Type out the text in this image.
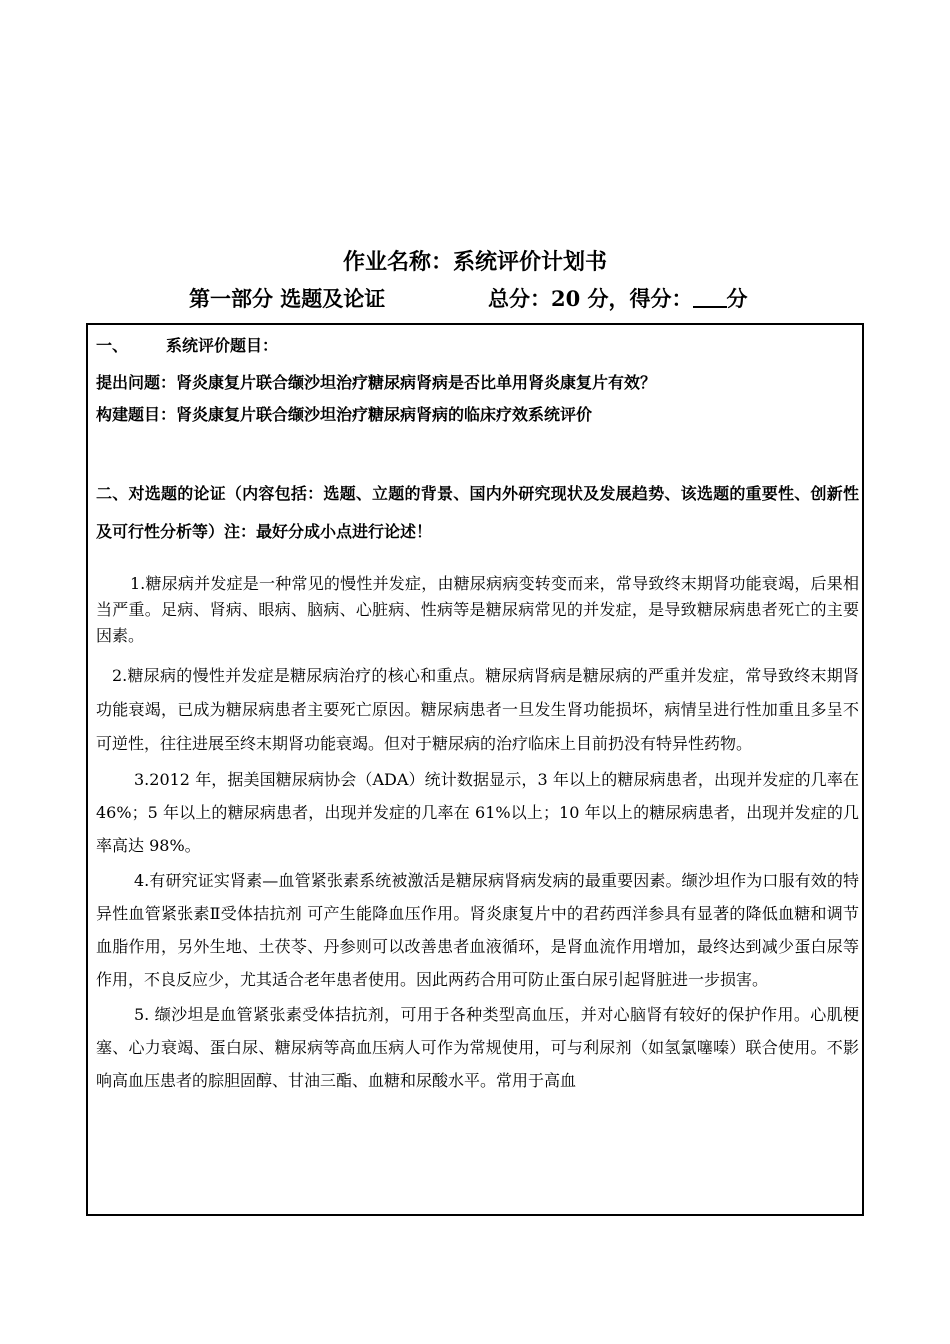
作业名称：系统评价计划书
第一部分 选题及论证	总分：20 分，得分： 分
一、 系统评价题目：
提出问题：肾炎康复片联合缬沙坦治疗糖尿病肾病是否比单用肾炎康复片有效？
构建题目：肾炎康复片联合缬沙坦治疗糖尿病肾病的临床疗效系统评价
二、对选题的论证（内容包括：选题、立题的背景、国内外研究现状及发展趋势、该选题的重要性、创新性及可行性分析等）注：最好分成小点进行论述！
1.糖尿病并发症是一种常见的慢性并发症，由糖尿病病变转变而来，常导致终末期肾功能衰竭，后果相当严重。足病、肾病、眼病、脑病、心脏病、性病等是糖尿病常见的并发症，是导致糖尿病患者死亡的主要因素。
2.糖尿病的慢性并发症是糖尿病治疗的核心和重点。糖尿病肾病是糖尿病的严重并发症，常导致终末期肾功能衰竭，已成为糖尿病患者主要死亡原因。糖尿病患者一旦发生肾功能损坏，病情呈进行性加重且多呈不可逆性，往往进展至终末期肾功能衰竭。但对于糖尿病的治疗临床上目前扔没有特异性药物。
3.2012 年，据美国糖尿病协会（ADA）统计数据显示，3 年以上的糖尿病患者，出现并发症的几率在 46%；5 年以上的糖尿病患者，出现并发症的几率在 61%以上；10 年以上的糖尿病患者，出现并发症的几率高达 98%。
4.有研究证实肾素—血管紧张素系统被激活是糖尿病肾病发病的最重要因素。缬沙坦作为口服有效的特异性血管紧张素Ⅱ受体拮抗剂 可产生能降血压作用。肾炎康复片中的君药西洋参具有显著的降低血糖和调节血脂作用，另外生地、土茯苓、丹参则可以改善患者血液循环，是肾血流作用增加，最终达到减少蛋白尿等作用，不良反应少，尤其适合老年患者使用。因此两药合用可防止蛋白尿引起肾脏进一步损害。
5. 缬沙坦是血管紧张素受体拮抗剂，可用于各种类型高血压，并对心脑肾有较好的保护作用。心肌梗塞、心力衰竭、蛋白尿、糖尿病等高血压病人可作为常规使用，可与利尿剂（如氢氯噻嗪）联合使用。不影响高血压患者的腙胆固醇、甘油三酯、血糖和尿酸水平。常用于高血
